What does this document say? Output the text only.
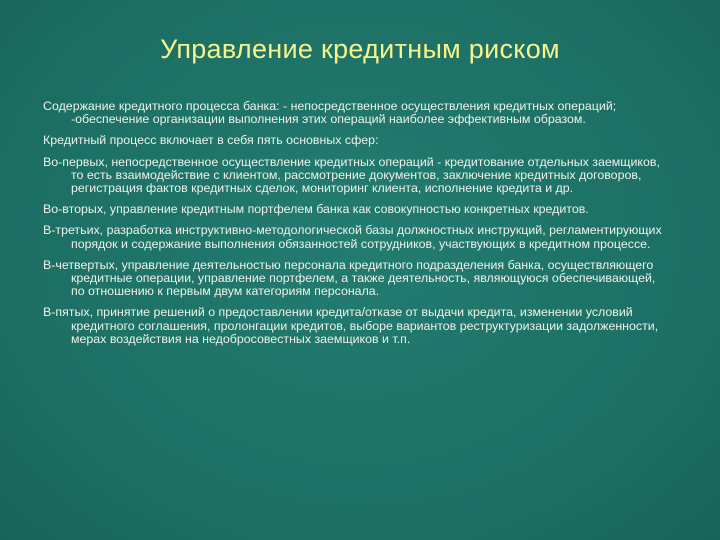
Управление кредитным риском

Содержание кредитного процесса банка: - непосредственное осуществления кредитных операций; -обеспечение организации выполнения этих операций наиболее эффективным образом.

Кредитный процесс включает в себя пять основных сфер:

Во-первых, непосредственное осуществление кредитных операций - кредитование отдельных заемщиков, то есть взаимодействие с клиентом, рассмотрение документов, заключение кредитных договоров, регистрация фактов кредитных сделок, мониторинг клиента, исполнение кредита и др.

Во-вторых, управление кредитным портфелем банка как совокупностью конкретных кредитов.

В-третьих, разработка инструктивно-методологической базы должностных инструкций, регламентирующих порядок и содержание выполнения обязанностей сотрудников, участвующих в кредитном процессе.

В-четвертых, управление деятельностью персонала кредитного подразделения банка, осуществляющего кредитные операции, управление портфелем, а также деятельность, являющуюся обеспечивающей, по отношению к первым двум категориям персонала.

В-пятых, принятие решений о предоставлении кредита/отказе от выдачи кредита, изменении условий кредитного соглашения, пролонгации кредитов, выборе вариантов реструктуризации задолженности, мерах воздействия на недобросовестных заемщиков и т.п.
